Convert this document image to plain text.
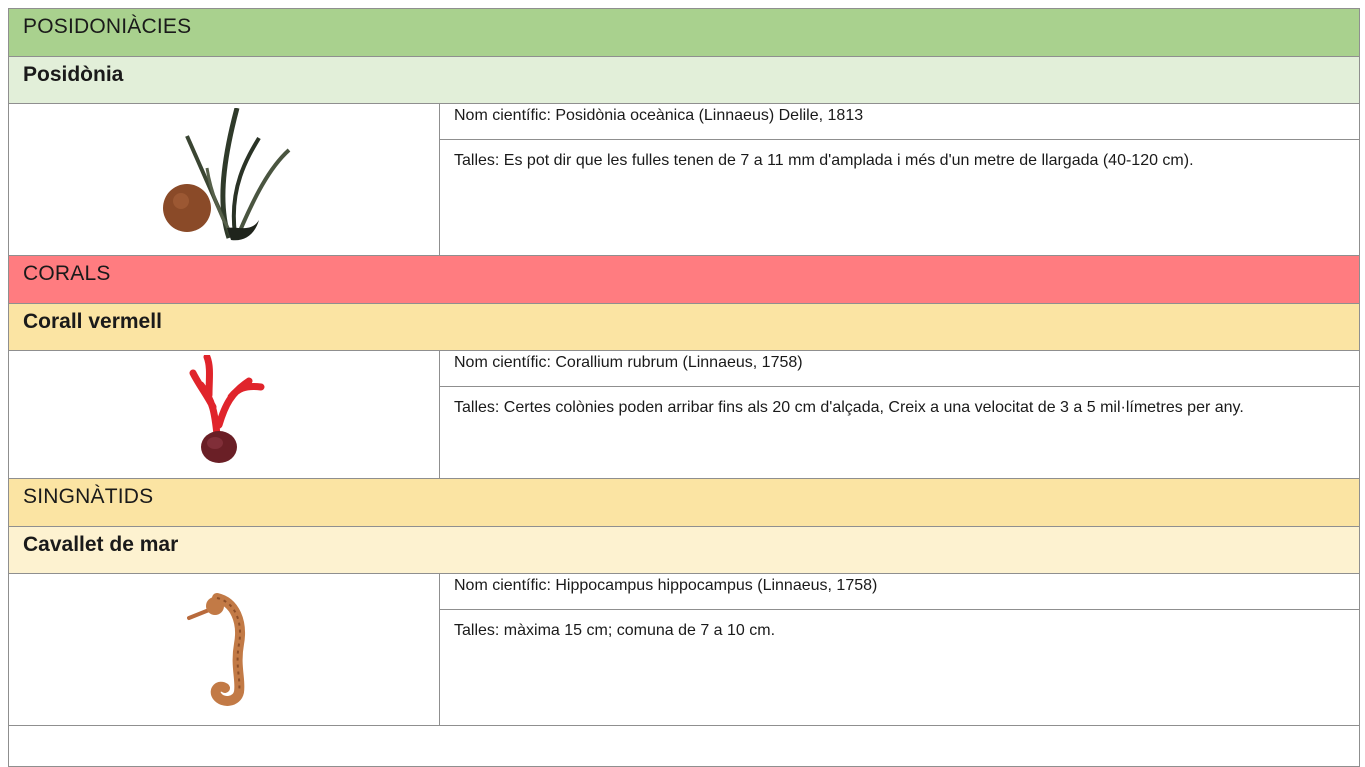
POSIDONIÀCIES
Posidònia
Nom científic: Posidònia oceànica (Linnaeus) Delile, 1813
Talles: Es pot dir que les fulles tenen de 7 a 11 mm d'amplada i més d'un metre de llargada (40-120 cm).
CORALS
Corall vermell
Nom científic: Corallium rubrum (Linnaeus, 1758)
Talles: Certes colònies poden arribar fins als 20 cm d'alçada, Creix a una velocitat de 3 a 5 mil·límetres per any.
SINGNÀTIDS
Cavallet de mar
Nom científic: Hippocampus hippocampus (Linnaeus, 1758)
Talles: màxima 15 cm; comuna de 7 a 10 cm.
